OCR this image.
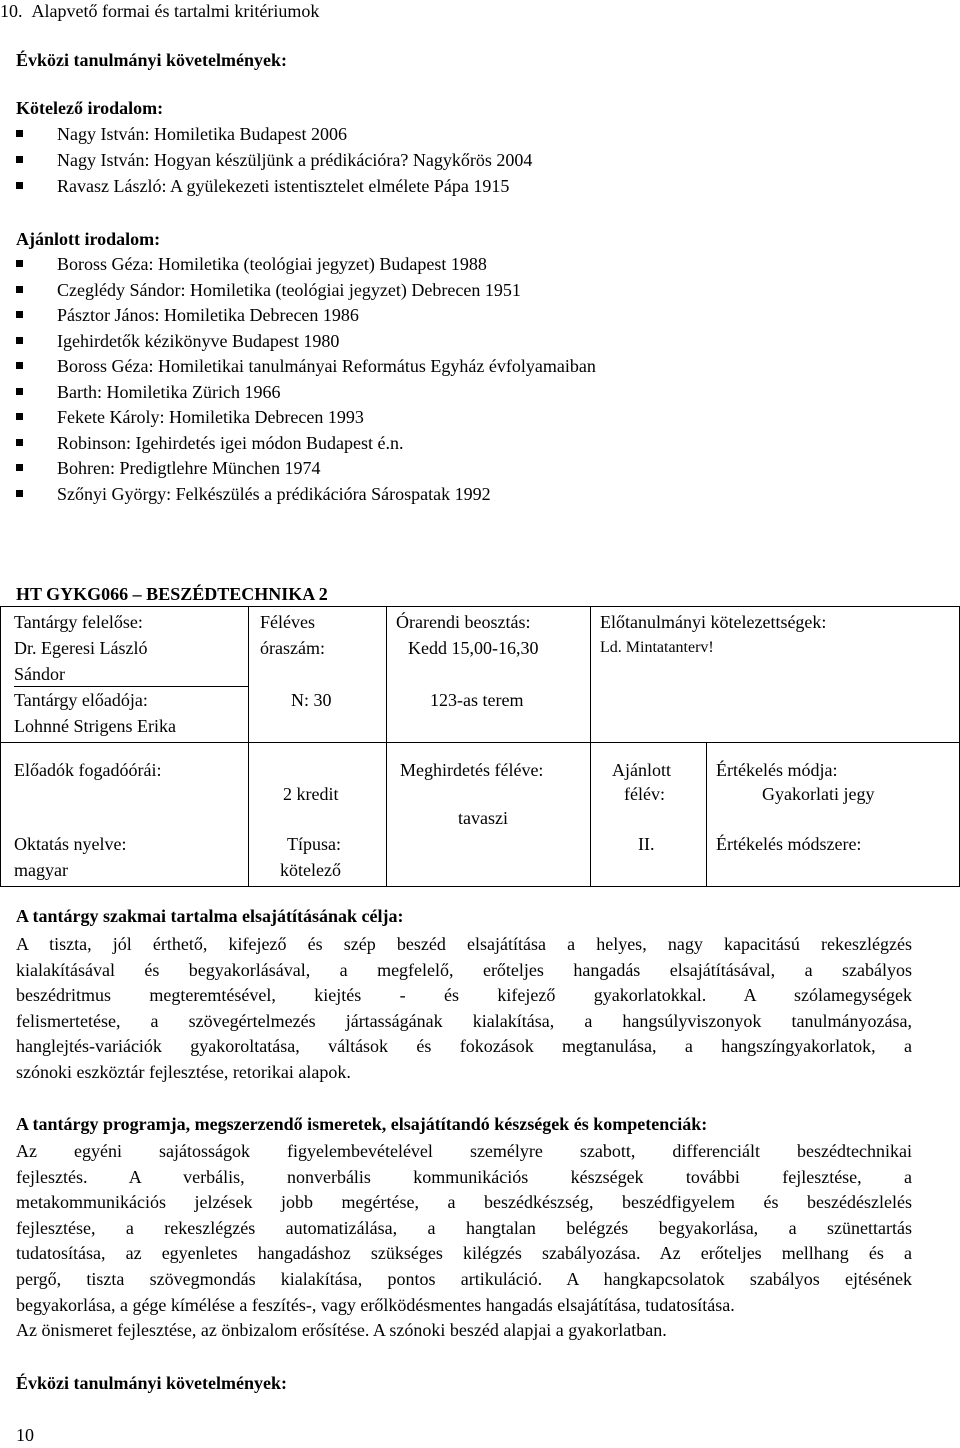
10.  Alapvető formai és tartalmi kritériumok
Évközi tanulmányi követelmények:
Kötelező irodalom:
Nagy István: Homiletika Budapest 2006
Nagy István: Hogyan készüljünk a prédikációra? Nagykőrös 2004
Ravasz László: A gyülekezeti istentisztelet elmélete Pápa 1915
Ajánlott irodalom:
Boross Géza: Homiletika (teológiai jegyzet) Budapest 1988
Czeglédy Sándor: Homiletika (teológiai jegyzet) Debrecen 1951
Pásztor János: Homiletika Debrecen 1986
Igehirdetők kézikönyve Budapest 1980
Boross Géza: Homiletikai tanulmányai Református Egyház évfolyamaiban
Barth: Homiletika Zürich 1966
Fekete Károly: Homiletika Debrecen 1993
Robinson: Igehirdetés igei módon Budapest é.n.
Bohren: Predigtlehre München 1974
Szőnyi György: Felkészülés a prédikációra Sárospatak 1992
HT GYKG066 – BESZÉDTECHNIKA 2
Tantárgy felelőse:
Dr. Egeresi László
Sándor
Tantárgy előadója:
Lohnné Strigens Erika
Féléves
óraszám:
N: 30
Órarendi beosztás:
Kedd 15,00-16,30
123-as terem
Előtanulmányi kötelezettségek:
Ld. Mintatanterv!
Előadók fogadóórái:
2 kredit
Meghirdetés féléve:
tavaszi
Ajánlott
félév:
II.
Értékelés módja:
Gyakorlati jegy
Oktatás nyelve:
magyar
Típusa:
kötelező
Értékelés módszere:
A tantárgy szakmai tartalma elsajátításának célja:
A tiszta, jól érthető, kifejező és szép beszéd elsajátítása a helyes, nagy kapacitású rekeszlégzés
kialakításával és begyakorlásával, a megfelelő, erőteljes hangadás elsajátításával, a szabályos
beszédritmus megteremtésével, kiejtés - és kifejező gyakorlatokkal. A szólamegységek
felismertetése, a szövegértelmezés jártasságának kialakítása, a hangsúlyviszonyok tanulmányozása,
hanglejtés-variációk gyakoroltatása, váltások és fokozások megtanulása, a hangszíngyakorlatok, a
szónoki eszköztár fejlesztése, retorikai alapok.
A tantárgy programja, megszerzendő ismeretek, elsajátítandó készségek és kompetenciák:
Az egyéni sajátosságok figyelembevételével személyre szabott, differenciált beszédtechnikai
fejlesztés. A verbális, nonverbális kommunikációs készségek további fejlesztése, a
metakommunikációs jelzések jobb megértése, a beszédkészség, beszédfigyelem és beszédészlelés
fejlesztése, a rekeszlégzés automatizálása, a hangtalan belégzés begyakorlása, a szünettartás
tudatosítása, az egyenletes hangadáshoz szükséges kilégzés szabályozása. Az erőteljes mellhang és a
pergő, tiszta szövegmondás kialakítása, pontos artikuláció. A hangkapcsolatok szabályos ejtésének
begyakorlása, a gége kímélése a feszítés-, vagy erőlködésmentes hangadás elsajátítása, tudatosítása.
Az önismeret fejlesztése, az önbizalom erősítése. A szónoki beszéd alapjai a gyakorlatban.
Évközi tanulmányi követelmények:
10
